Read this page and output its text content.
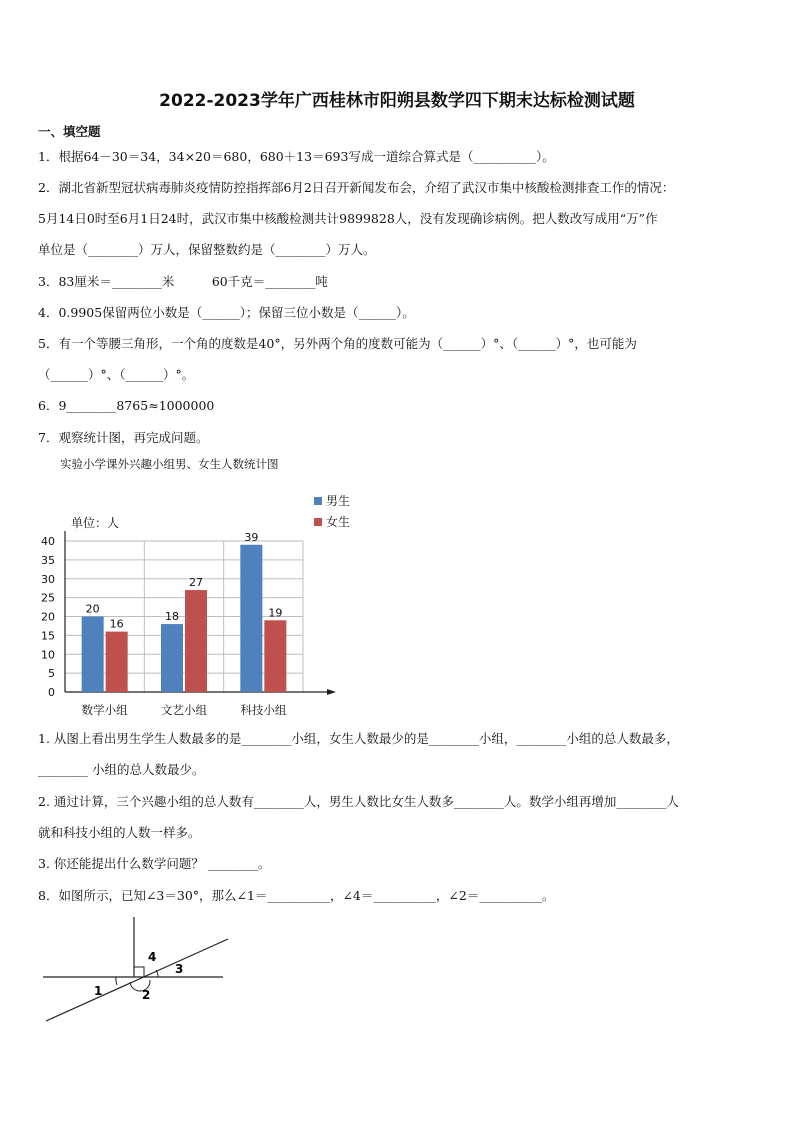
2022-2023学年广西桂林市阳朔县数学四下期末达标检测试题
一、填空题
1．根据64－30＝34，34×20＝680，680＋13＝693写成一道综合算式是（__________）。
2．湖北省新型冠状病毒肺炎疫情防控指挥部6月2日召开新闻发布会，介绍了武汉市集中核酸检测排查工作的情况：
5月14日0时至6月1日24时，武汉市集中核酸检测共计9899828人，没有发现确诊病例。把人数改写成用“万”作
单位是（________）万人，保留整数约是（________）万人。
3．83厘米＝________米　　　60千克＝________吨
4．0.9905保留两位小数是（______）；保留三位小数是（______）。
5．有一个等腰三角形，一个角的度数是40°，另外两个角的度数可能为（______）°、（______）°，也可能为
（______）°、（______）°。
6．9________8765≈1000000
7．观察统计图，再完成问题。
实验小学课外兴趣小组男、女生人数统计图
0
5
10
15
20
25
30
35
40
单位：人
20
16
数学小组
18
27
文艺小组
39
19
科技小组
男生
女生
1. 从图上看出男生学生人数最多的是________小组，女生人数最少的是________小组，________小组的总人数最多，
________ 小组的总人数最少。
2. 通过计算，三个兴趣小组的总人数有________人，男生人数比女生人数多________人。数学小组再增加________人
就和科技小组的人数一样多。
3. 你还能提出什么数学问题？ ________。
8．如图所示，已知∠3＝30°，那么∠1＝__________，∠4＝__________，∠2＝__________。
1	2
3
4
